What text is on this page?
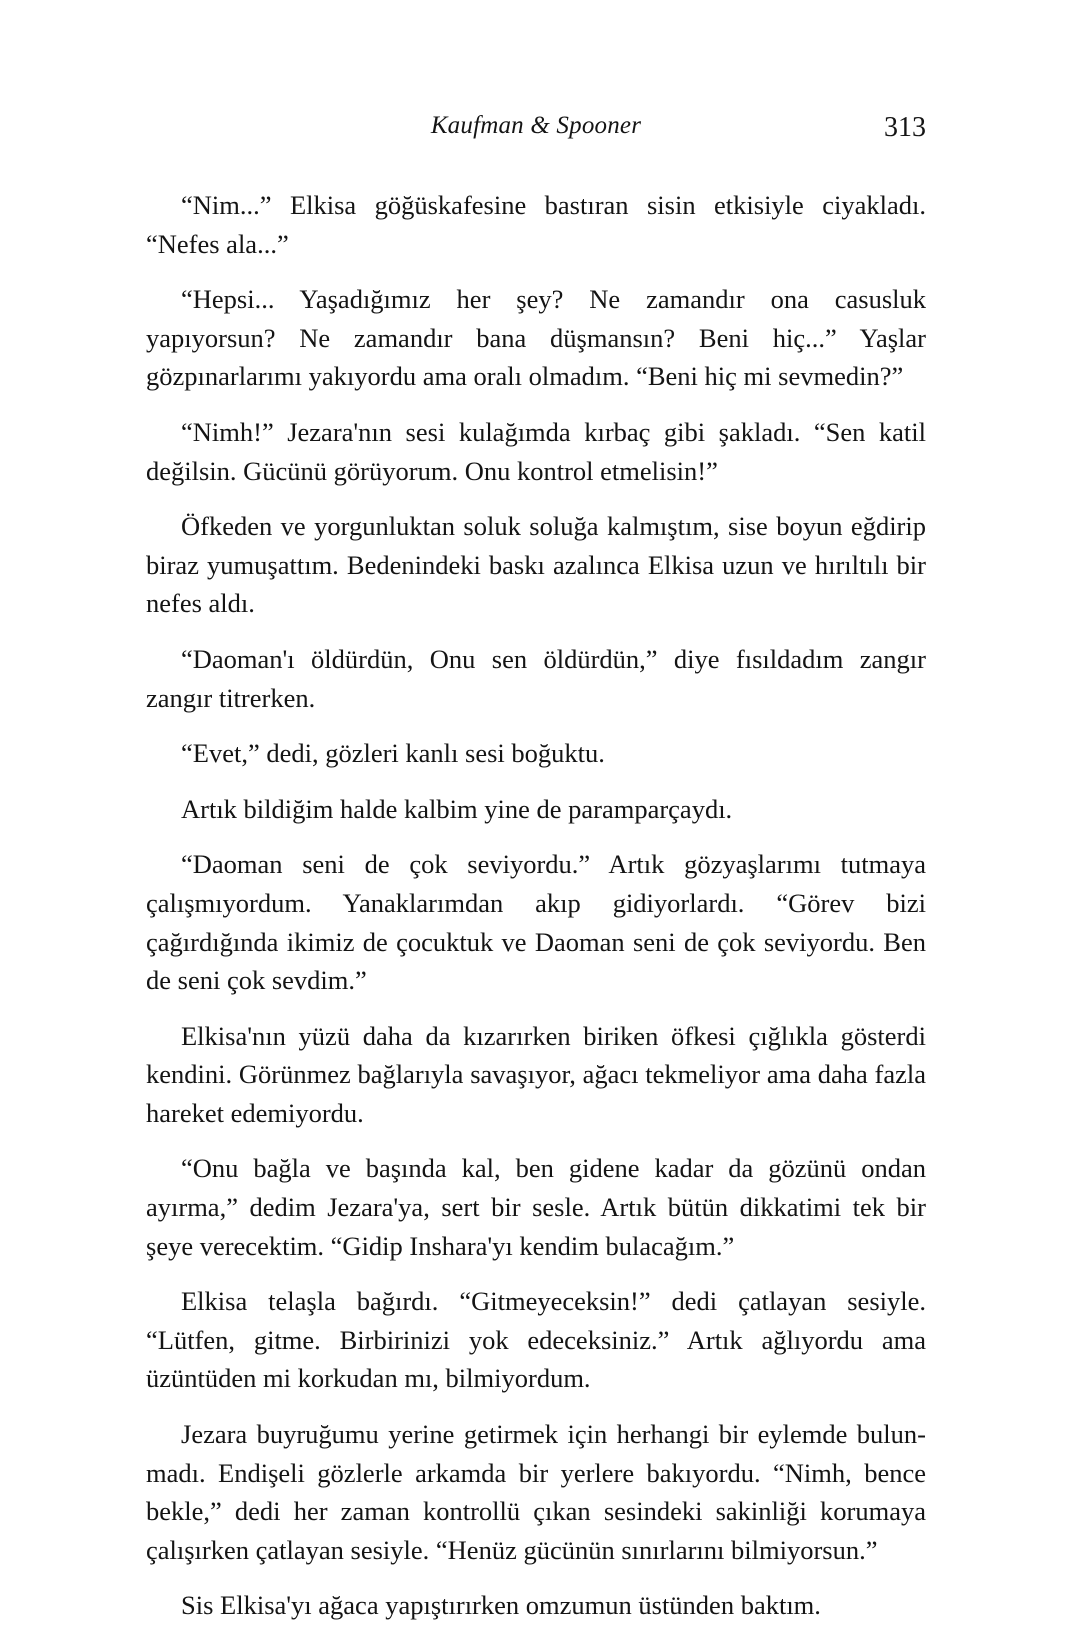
Kaufman & Spooner	313

“Nim...” Elkisa göğüskafesine bastıran sisin etkisiyle ciyakladı. “Nefes ala...”

“Hepsi... Yaşadığımız her şey? Ne zamandır ona casusluk yapıyorsun? Ne zamandır bana düşmansın? Beni hiç...” Yaşlar gözpınarlarımı yakıyordu ama oralı olmadım. “Beni hiç mi sevmedin?”

“Nimh!” Jezara'nın sesi kulağımda kırbaç gibi şakladı. “Sen katil değilsin. Gücünü görüyorum. Onu kontrol etmelisin!”

Öfkeden ve yorgunluktan soluk soluğa kalmıştım, sise boyun eğdirip biraz yumuşattım. Bedenindeki baskı azalınca Elkisa uzun ve hırıltılı bir nefes aldı.

“Daoman'ı öldürdün, Onu sen öldürdün,” diye fısıldadım zangır zangır titrerken.

“Evet,” dedi, gözleri kanlı sesi boğuktu.

Artık bildiğim halde kalbim yine de paramparçaydı.

“Daoman seni de çok seviyordu.” Artık gözyaşlarımı tutmaya çalışmıyordum. Yanaklarımdan akıp gidiyorlardı. “Görev bizi çağırdığında ikimiz de çocuktuk ve Daoman seni de çok seviyordu. Ben de seni çok sevdim.”

Elkisa'nın yüzü daha da kızarırken biriken öfkesi çığlıkla gösterdi kendini. Görünmez bağlarıyla savaşıyor, ağacı tekmeliyor ama daha fazla hareket edemiyordu.

“Onu bağla ve başında kal, ben gidene kadar da gözünü ondan ayırma,” dedim Jezara'ya, sert bir sesle. Artık bütün dikkatimi tek bir şeye verecektim. “Gidip Inshara'yı kendim bulacağım.”

Elkisa telaşla bağırdı. “Gitmeyeceksin!” dedi çatlayan sesiyle. “Lütfen, gitme. Birbirinizi yok edeceksiniz.” Artık ağlıyordu ama üzüntüden mi korkudan mı, bilmiyordum.

Jezara buyruğumu yerine getirmek için herhangi bir eylemde bulunmadı. Endişeli gözlerle arkamda bir yerlere bakıyordu. “Nimh, bence bekle,” dedi her zaman kontrollü çıkan sesindeki sakinliği korumaya çalışırken çatlayan sesiyle. “Henüz gücünün sınırlarını bilmiyorsun.”

Sis Elkisa'yı ağaca yapıştırırken omzumun üstünden baktım.
